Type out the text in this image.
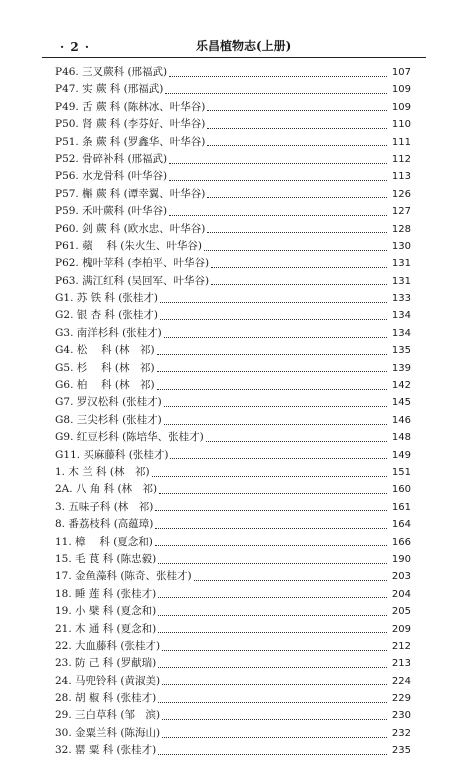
· 2 ·	乐昌植物志(上册)
P46. 三叉蕨科 (邢福武)	107
P47. 实 蕨 科 (邢福武)	109
P49. 舌 蕨 科 (陈林冰、叶华谷)	109
P50. 肾 蕨 科 (李芬好、叶华谷)	110
P51. 条 蕨 科 (罗鑫华、叶华谷)	111
P52. 骨碎补科 (邢福武)	112
P56. 水龙骨科 (叶华谷)	113
P57. 槲 蕨 科 (谭幸翼、叶华谷)	126
P59. 禾叶蕨科 (叶华谷)	127
P60. 剑 蕨 科 (欧水忠、叶华谷)	128
P61. 蘋　 科 (朱火生、叶华谷)	130
P62. 槐叶苹科 (李柏平、叶华谷)	131
P63. 满江红科 (吴回军、叶华谷)	131
G1. 苏 铁 科 (张桂才)	133
G2. 银 杏 科 (张桂才)	134
G3. 南洋杉科 (张桂才)	134
G4. 松　 科 (林　祁)	135
G5. 杉　 科 (林　祁)	139
G6. 柏　 科 (林　祁)	142
G7. 罗汉松科 (张桂才)	145
G8. 三尖杉科 (张桂才)	146
G9. 红豆杉科 (陈培华、张桂才)	148
G11. 买麻藤科 (张桂才)	149
1. 木 兰 科 (林　祁)	151
2A. 八 角 科 (林　祁)	160
3. 五味子科 (林　祁)	161
8. 番荔枝科 (高蕴璋)	164
11. 樟　 科 (夏念和)	166
15. 毛 茛 科 (陈忠毅)	190
17. 金鱼藻科 (陈奇、张桂才)	203
18. 睡 莲 科 (张桂才)	204
19. 小 檗 科 (夏念和)	205
21. 木 通 科 (夏念和)	209
22. 大血藤科 (张桂才)	212
23. 防 己 科 (罗献瑞)	213
24. 马兜铃科 (黄淑美)	224
28. 胡 椒 科 (张桂才)	229
29. 三白草科 (邹　滨)	230
30. 金粟兰科 (陈海山)	232
32. 罂 粟 科 (张桂才)	235
